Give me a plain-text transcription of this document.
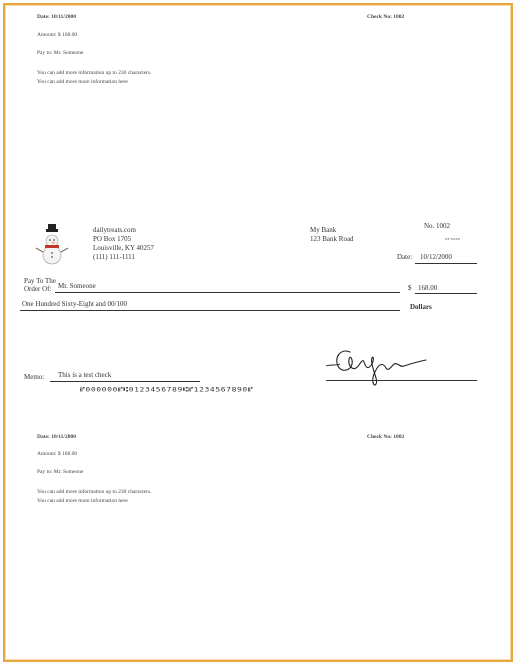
Date: 10/11/2000	Check No: 1002
Amount: $ 168.00
Pay to: Mr. Someone
You can add more information up to 230 characters.
You can add more more information here
dailytreats.com
PO Box 1705
Louisville, KY 40257
(111) 111-1111
My Bank
123 Bank Road
No. 1002
xx-xxxx
Date: 10/12/2000
Pay To The
Order Of: Mr. Someone	$ 168.00
One Hundred Sixty-Eight and 00/100	Dollars
Memo: This is a test check
⑈000000⑈⑆0123456789⑆⑈1234567890⑈
Date: 10/11/2000	Check No: 1002
Amount: $ 168.00
Pay to: Mr. Someone
You can add more information up to 230 characters.
You can add more more information here
